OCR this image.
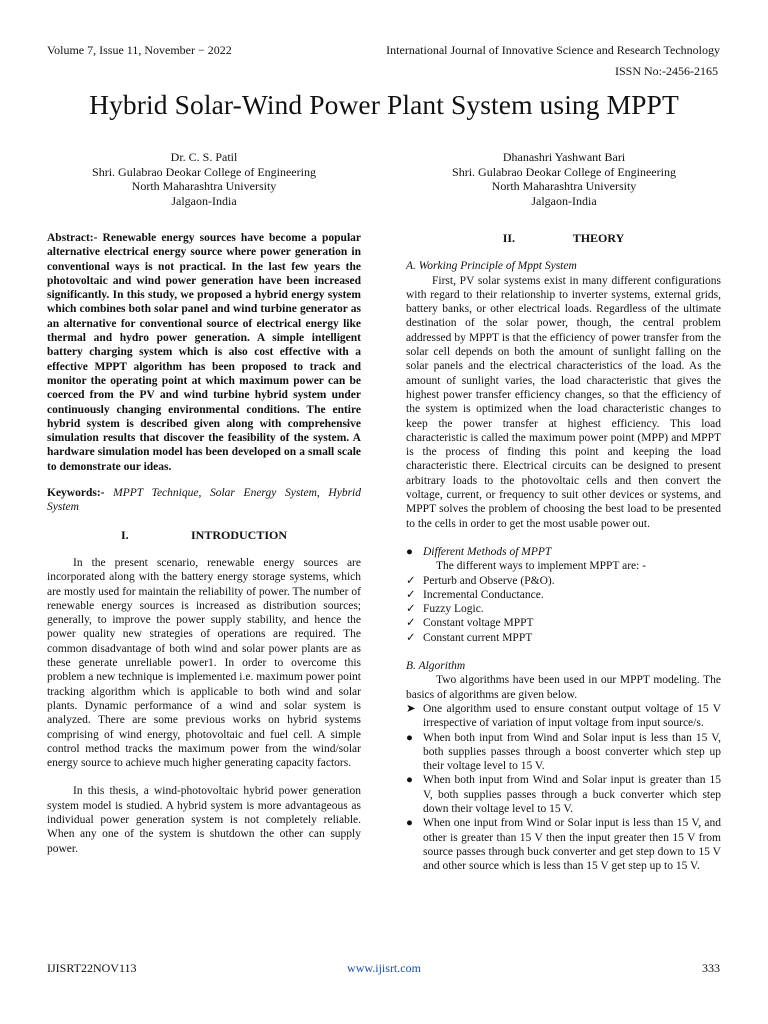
Volume 7, Issue 11, November − 2022	International Journal of Innovative Science and Research Technology
ISSN No:-2456-2165
Hybrid Solar-Wind Power Plant System using MPPT
Dr. C. S. Patil
Shri. Gulabrao Deokar College of Engineering
North Maharashtra University
Jalgaon-India
Dhanashri Yashwant Bari
Shri. Gulabrao Deokar College of Engineering
North Maharashtra University
Jalgaon-India

Abstract:- Renewable energy sources have become a popular alternative electrical energy source where power generation in conventional ways is not practical. In the last few years the photovoltaic and wind power generation have been increased significantly. In this study, we proposed a hybrid energy system which combines both solar panel and wind turbine generator as an alternative for conventional source of electrical energy like thermal and hydro power generation. A simple intelligent battery charging system which is also cost effective with a effective MPPT algorithm has been proposed to track and monitor the operating point at which maximum power can be coerced from the PV and wind turbine hybrid system under continuously changing environmental conditions. The entire hybrid system is described given along with comprehensive simulation results that discover the feasibility of the system. A hardware simulation model has been developed on a small scale to demonstrate our ideas.

Keywords:- MPPT Technique, Solar Energy System, Hybrid System

I.	INTRODUCTION

In the present scenario, renewable energy sources are incorporated along with the battery energy storage systems, which are mostly used for maintain the reliability of power. The number of renewable energy sources is increased as distribution sources; generally, to improve the power supply stability, and hence the power quality new strategies of operations are required. The common disadvantage of both wind and solar power plants are as these generate unreliable power1. In order to overcome this problem a new technique is implemented i.e. maximum power point tracking algorithm which is applicable to both wind and solar plants. Dynamic performance of a wind and solar system is analyzed. There are some previous works on hybrid systems comprising of wind energy, photovoltaic and fuel cell. A simple control method tracks the maximum power from the wind/solar energy source to achieve much higher generating capacity factors.

In this thesis, a wind-photovoltaic hybrid power generation system model is studied. A hybrid system is more advantageous as individual power generation system is not completely reliable. When any one of the system is shutdown the other can supply power.

II.	THEORY

A. Working Principle of Mppt System

First, PV solar systems exist in many different configurations with regard to their relationship to inverter systems, external grids, battery banks, or other electrical loads. Regardless of the ultimate destination of the solar power, though, the central problem addressed by MPPT is that the efficiency of power transfer from the solar cell depends on both the amount of sunlight falling on the solar panels and the electrical characteristics of the load. As the amount of sunlight varies, the load characteristic that gives the highest power transfer efficiency changes, so that the efficiency of the system is optimized when the load characteristic changes to keep the power transfer at highest efficiency. This load characteristic is called the maximum power point (MPP) and MPPT is the process of finding this point and keeping the load characteristic there. Electrical circuits can be designed to present arbitrary loads to the photovoltaic cells and then convert the voltage, current, or frequency to suit other devices or systems, and MPPT solves the problem of choosing the best load to be presented to the cells in order to get the most usable power out.

● Different Methods of MPPT

The different ways to implement MPPT are: -

✓ Perturb and Observe (P&O).
✓ Incremental Conductance.
✓ Fuzzy Logic.
✓ Constant voltage MPPT
✓ Constant current MPPT

B. Algorithm

Two algorithms have been used in our MPPT modeling. The basics of algorithms are given below.

➤ One algorithm used to ensure constant output voltage of 15 V irrespective of variation of input voltage from input source/s.
● When both input from Wind and Solar input is less than 15 V, both supplies passes through a boost converter which step up their voltage level to 15 V.
● When both input from Wind and Solar input is greater than 15 V, both supplies passes through a buck converter which step down their voltage level to 15 V.
● When one input from Wind or Solar input is less than 15 V, and other is greater than 15 V then the input greater then 15 V from source passes through buck converter and get step down to 15 V and other source which is less than 15 V get step up to 15 V.
IJISRT22NOV113	www.ijisrt.com	333
